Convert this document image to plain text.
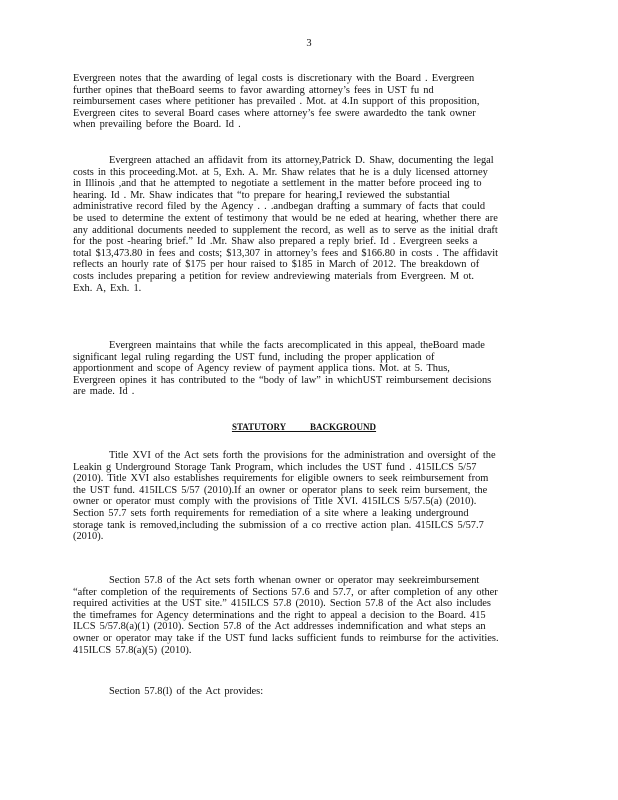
3
Evergreen notes that the awarding of legal costs is discretionary with the Board . Evergreen
further opines that theBoard seems to favor awarding attorney’s fees in UST fu nd
reimbursement cases where petitioner has prevailed . Mot. at 4.In support of this proposition,
Evergreen cites to several Board cases where attorney’s fee swere awardedto the tank owner
when prevailing before the Board. Id .
Evergreen attached an affidavit from its attorney,Patrick D. Shaw, documenting the legal
costs in this proceeding.Mot. at 5, Exh. A. Mr. Shaw relates that he is a duly licensed attorney
in Illinois ,and that he attempted to negotiate a settlement in the matter before proceed ing to
hearing. Id . Mr. Shaw indicates that “to prepare for hearing,I reviewed the substantial
administrative record filed by the Agency . . .andbegan drafting a summary of facts that could
be used to determine the extent of testimony that would be ne eded at hearing, whether there are
any additional documents needed to supplement the record, as well as to serve as the initial draft
for the post -hearing brief.” Id .Mr. Shaw also prepared a reply brief. Id . Evergreen seeks a
total $13,473.80 in fees and costs; $13,307 in attorney’s fees and $166.80 in costs . The affidavit
reflects an hourly rate of $175 per hour raised to $185 in March of 2012. The breakdown of
costs includes preparing a petition for review andreviewing materials from Evergreen. M ot.
Exh. A, Exh. 1.
Evergreen maintains that while the facts arecomplicated in this appeal, theBoard made
significant legal ruling regarding the UST fund, including the proper application of
apportionment and scope of Agency review of payment applica tions. Mot. at 5. Thus,
Evergreen opines it has contributed to the “body of law” in whichUST reimbursement decisions
are made. Id .
STATUTORY BACKGROUND
Title XVI of the Act sets forth the provisions for the administration and oversight of the
Leakin g Underground Storage Tank Program, which includes the UST fund . 415ILCS 5/57
(2010). Title XVI also establishes requirements for eligible owners to seek reimbursement from
the UST fund. 415ILCS 5/57 (2010).If an owner or operator plans to seek reim bursement, the
owner or operator must comply with the provisions of Title XVI. 415ILCS 5/57.5(a) (2010).
Section 57.7 sets forth requirements for remediation of a site where a leaking underground
storage tank is removed,including the submission of a co rrective action plan. 415ILCS 5/57.7
(2010).
Section 57.8 of the Act sets forth whenan owner or operator may seekreimbursement
“after completion of the requirements of Sections 57.6 and 57.7, or after completion of any other
required activities at the UST site.” 415ILCS 57.8 (2010). Section 57.8 of the Act also includes
the timeframes for Agency determinations and the right to appeal a decision to the Board. 415
ILCS 5/57.8(a)(1) (2010). Section 57.8 of the Act addresses indemnification and what steps an
owner or operator may take if the UST fund lacks sufficient funds to reimburse for the activities.
415ILCS 57.8(a)(5) (2010).
Section 57.8(l) of the Act provides:
